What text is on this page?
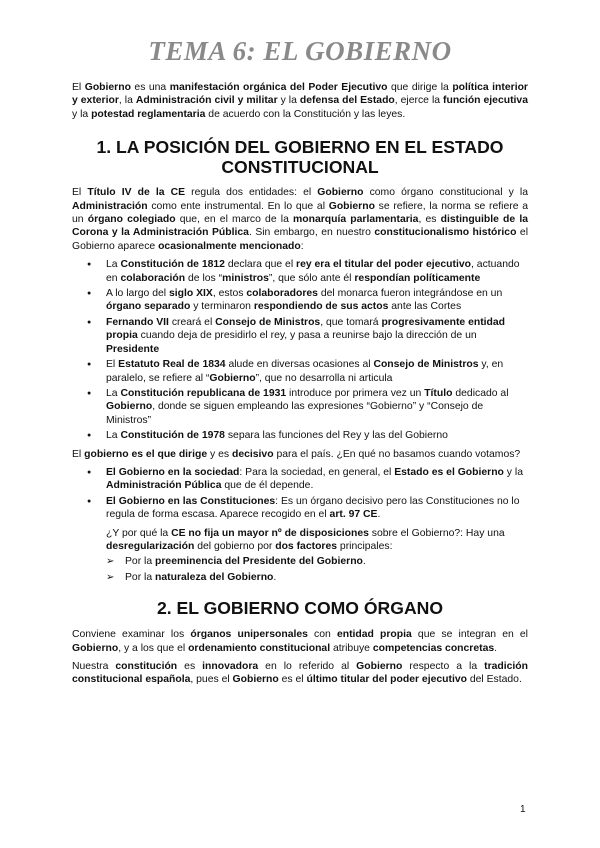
TEMA 6: EL GOBIERNO

El Gobierno es una manifestación orgánica del Poder Ejecutivo que dirige la política interior y exterior, la Administración civil y militar y la defensa del Estado, ejerce la función ejecutiva y la potestad reglamentaria de acuerdo con la Constitución y las leyes.

1. LA POSICIÓN DEL GOBIERNO EN EL ESTADO CONSTITUCIONAL

El Título IV de la CE regula dos entidades: el Gobierno como órgano constitucional y la Administración como ente instrumental. En lo que al Gobierno se refiere, la norma se refiere a un órgano colegiado que, en el marco de la monarquía parlamentaria, es distinguible de la Corona y la Administración Pública. Sin embargo, en nuestro constitucionalismo histórico el Gobierno aparece ocasionalmente mencionado:

● La Constitución de 1812 declara que el rey era el titular del poder ejecutivo, actuando en colaboración de los “ministros”, que sólo ante él respondían políticamente
● A lo largo del siglo XIX, estos colaboradores del monarca fueron integrándose en un órgano separado y terminaron respondiendo de sus actos ante las Cortes
● Fernando VII creará el Consejo de Ministros, que tomará progresivamente entidad propia cuando deja de presidirlo el rey, y pasa a reunirse bajo la dirección de un Presidente
● El Estatuto Real de 1834 alude en diversas ocasiones al Consejo de Ministros y, en paralelo, se refiere al “Gobierno”, que no desarrolla ni articula
● La Constitución republicana de 1931 introduce por primera vez un Título dedicado al Gobierno, donde se siguen empleando las expresiones “Gobierno” y “Consejo de Ministros”
● La Constitución de 1978 separa las funciones del Rey y las del Gobierno

El gobierno es el que dirige y es decisivo para el país. ¿En qué no basamos cuando votamos?

● El Gobierno en la sociedad: Para la sociedad, en general, el Estado es el Gobierno y la Administración Pública que de él depende.
● El Gobierno en las Constituciones: Es un órgano decisivo pero las Constituciones no lo regula de forma escasa. Aparece recogido en el art. 97 CE.

¿Y por qué la CE no fija un mayor nº de disposiciones sobre el Gobierno?: Hay una desregularización del gobierno por dos factores principales:

➢ Por la preeminencia del Presidente del Gobierno.
➢ Por la naturaleza del Gobierno.
2. EL GOBIERNO COMO ÓRGANO

Conviene examinar los órganos unipersonales con entidad propia que se integran en el Gobierno, y a los que el ordenamiento constitucional atribuye competencias concretas.

Nuestra constitución es innovadora en lo referido al Gobierno respecto a la tradición constitucional española, pues el Gobierno es el último titular del poder ejecutivo del Estado.

1
